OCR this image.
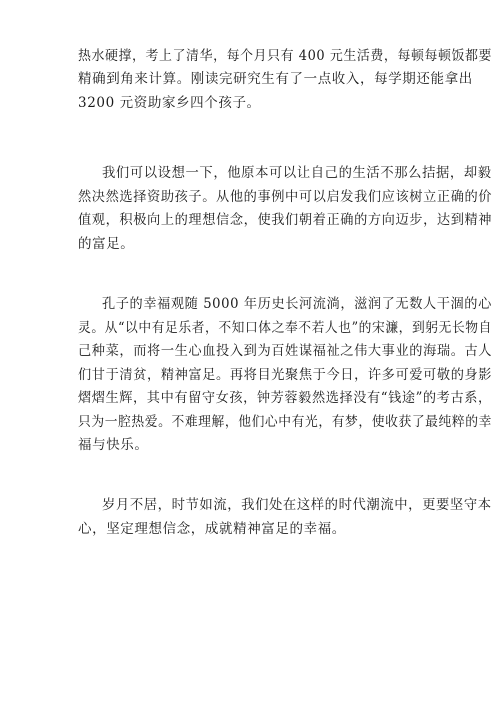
热水硬撑，考上了清华，每个月只有 400 元生活费，每顿每顿饭都要
精确到角来计算。刚读完研究生有了一点收入，每学期还能拿出
3200 元资助家乡四个孩子。
我们可以设想一下，他原本可以让自己的生活不那么拮据，却毅
然决然选择资助孩子。从他的事例中可以启发我们应该树立正确的价
值观，积极向上的理想信念，使我们朝着正确的方向迈步，达到精神
的富足。
孔子的幸福观随 5000 年历史长河流淌，滋润了无数人干涸的心
灵。从“以中有足乐者，不知口体之奉不若人也”的宋濂，到躬无长物自
己种菜，而将一生心血投入到为百姓谋福祉之伟大事业的海瑞。古人
们甘于清贫，精神富足。再将目光聚焦于今日，许多可爱可敬的身影
熠熠生辉，其中有留守女孩，钟芳蓉毅然选择没有“钱途”的考古系，
只为一腔热爱。不难理解，他们心中有光，有梦，使收获了最纯粹的幸
福与快乐。
岁月不居，时节如流，我们处在这样的时代潮流中，更要坚守本
心，坚定理想信念，成就精神富足的幸福。
